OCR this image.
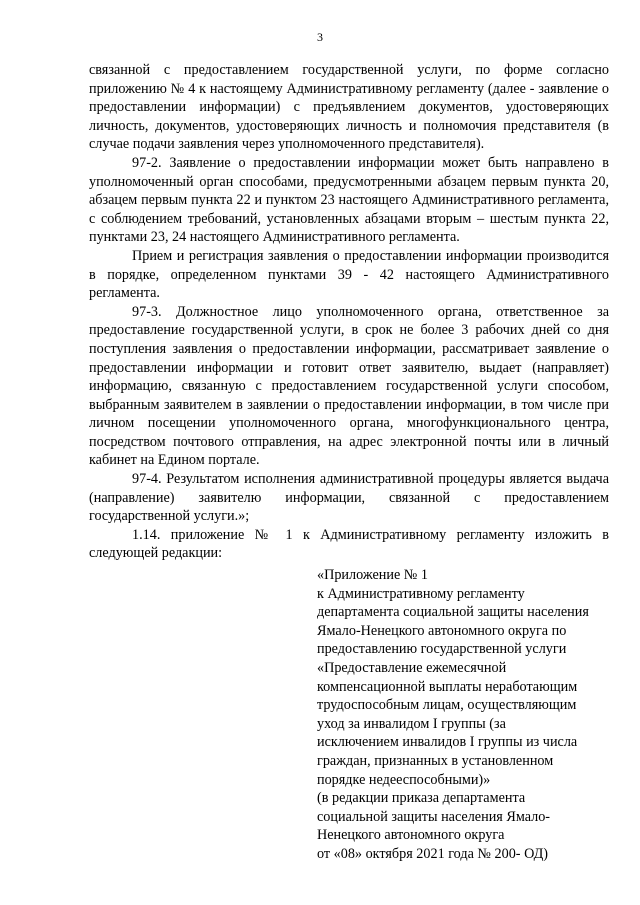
3

связанной с предоставлением государственной услуги, по форме согласно приложению № 4 к настоящему Административному регламенту (далее - заявление о предоставлении информации) с предъявлением документов, удостоверяющих личность, документов, удостоверяющих личность и полномочия представителя (в случае подачи заявления через уполномоченного представителя).

97-2. Заявление о предоставлении информации может быть направлено в уполномоченный орган способами, предусмотренными абзацем первым пункта 20, абзацем первым пункта 22 и пунктом 23 настоящего Административного регламента, с соблюдением требований, установленных абзацами вторым – шестым пункта 22, пунктами 23, 24 настоящего Административного регламента.

Прием и регистрация заявления о предоставлении информации производится в порядке, определенном пунктами 39 - 42 настоящего Административного регламента.

97-3. Должностное лицо уполномоченного органа, ответственное за предоставление государственной услуги, в срок не более 3 рабочих дней со дня поступления заявления о предоставлении информации, рассматривает заявление о предоставлении информации и готовит ответ заявителю, выдает (направляет) информацию, связанную с предоставлением государственной услуги способом, выбранным заявителем в заявлении о предоставлении информации, в том числе при личном посещении уполномоченного органа, многофункционального центра, посредством почтового отправления, на адрес электронной почты или в личный кабинет на Едином портале.

97-4. Результатом исполнения административной процедуры является выдача (направление) заявителю информации, связанной с предоставлением государственной услуги.»;

1.14. приложение № 1 к Административному регламенту изложить в следующей редакции:

«Приложение № 1
к Административному регламенту
департамента социальной защиты населения
Ямало-Ненецкого автономного округа по
предоставлению государственной услуги
«Предоставление ежемесячной
компенсационной выплаты неработающим
трудоспособным лицам, осуществляющим
уход за инвалидом I группы (за
исключением инвалидов I группы из числа
граждан, признанных в установленном
порядке недееспособными)»
(в редакции приказа департамента
социальной защиты населения Ямало-
Ненецкого автономного округа
от «08» октября 2021 года № 200- ОД)
